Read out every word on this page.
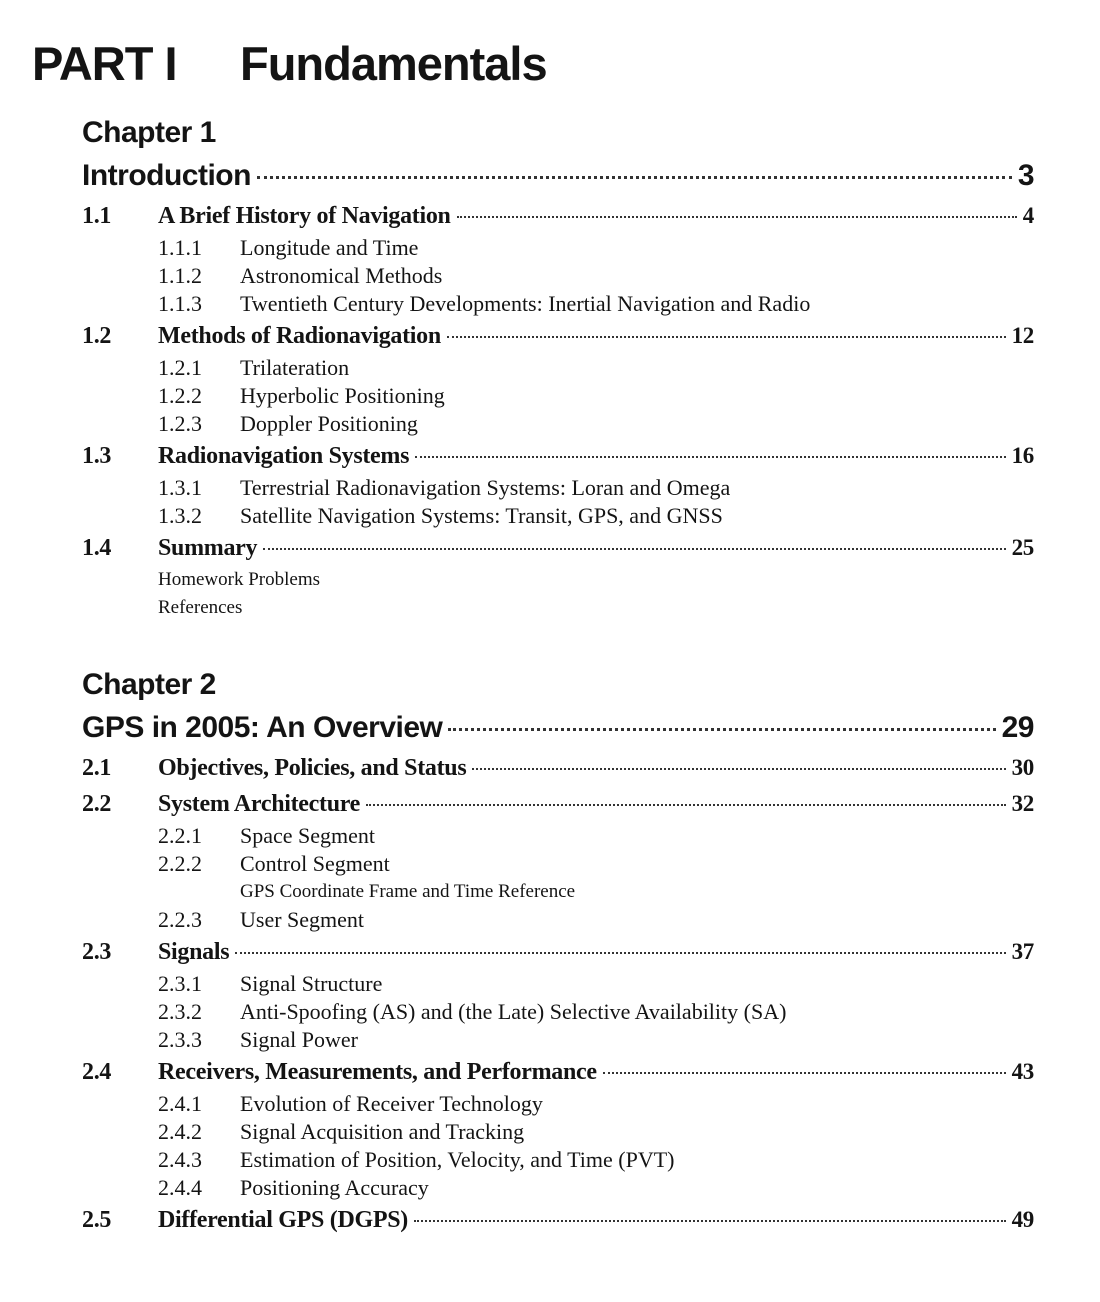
PART I Fundamentals
Chapter 1
Introduction	3
1.1	A Brief History of Navigation	4
1.1.1	Longitude and Time
1.1.2	Astronomical Methods
1.1.3	Twentieth Century Developments: Inertial Navigation and Radio
1.2	Methods of Radionavigation	12
1.2.1	Trilateration
1.2.2	Hyperbolic Positioning
1.2.3	Doppler Positioning
1.3	Radionavigation Systems	16
1.3.1	Terrestrial Radionavigation Systems: Loran and Omega
1.3.2	Satellite Navigation Systems: Transit, GPS, and GNSS
1.4	Summary	25
Homework Problems
References
Chapter 2
GPS in 2005: An Overview	29
2.1	Objectives, Policies, and Status	30
2.2	System Architecture	32
2.2.1	Space Segment
2.2.2	Control Segment
GPS Coordinate Frame and Time Reference
2.2.3	User Segment
2.3	Signals	37
2.3.1	Signal Structure
2.3.2	Anti-Spoofing (AS) and (the Late) Selective Availability (SA)
2.3.3	Signal Power
2.4	Receivers, Measurements, and Performance	43
2.4.1	Evolution of Receiver Technology
2.4.2	Signal Acquisition and Tracking
2.4.3	Estimation of Position, Velocity, and Time (PVT)
2.4.4	Positioning Accuracy
2.5	Differential GPS (DGPS)	49
